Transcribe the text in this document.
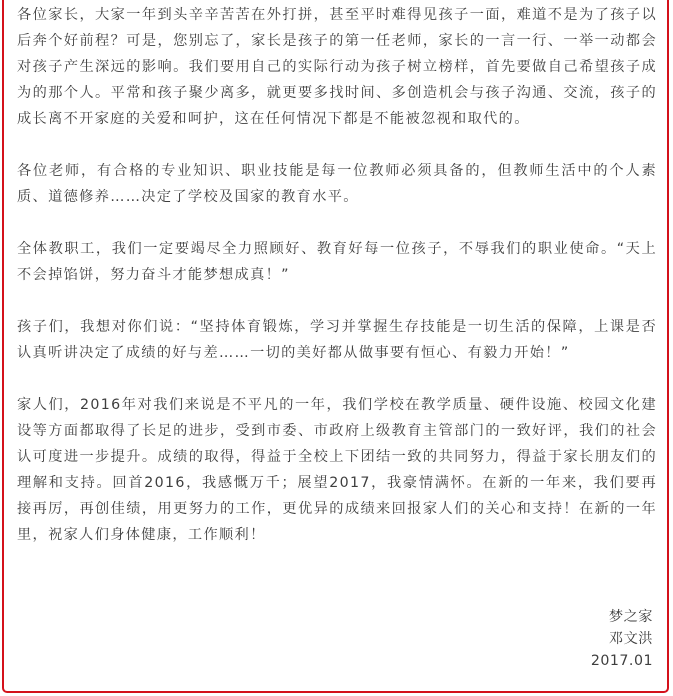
各位家长，大家一年到头辛辛苦苦在外打拼，甚至平时难得见孩子一面，难道不是为了孩子以后奔个好前程？可是，您别忘了，家长是孩子的第一任老师，家长的一言一行、一举一动都会对孩子产生深远的影响。我们要用自己的实际行动为孩子树立榜样，首先要做自己希望孩子成为的那个人。平常和孩子聚少离多，就更要多找时间、多创造机会与孩子沟通、交流，孩子的成长离不开家庭的关爱和呵护，这在任何情况下都是不能被忽视和取代的。

各位老师，有合格的专业知识、职业技能是每一位教师必须具备的，但教师生活中的个人素质、道德修养……决定了学校及国家的教育水平。

全体教职工，我们一定要竭尽全力照顾好、教育好每一位孩子，不辱我们的职业使命。“天上不会掉馅饼，努力奋斗才能梦想成真！”

孩子们，我想对你们说：“坚持体育锻炼，学习并掌握生存技能是一切生活的保障，上课是否认真听讲决定了成绩的好与差……一切的美好都从做事要有恒心、有毅力开始！”

家人们，2016年对我们来说是不平凡的一年，我们学校在教学质量、硬件设施、校园文化建设等方面都取得了长足的进步，受到市委、市政府上级教育主管部门的一致好评，我们的社会认可度进一步提升。成绩的取得，得益于全校上下团结一致的共同努力，得益于家长朋友们的理解和支持。回首2016，我感慨万千；展望2017，我豪情满怀。在新的一年来，我们要再接再厉，再创佳绩，用更努力的工作，更优异的成绩来回报家人们的关心和支持！在新的一年里，祝家人们身体健康，工作顺利！

梦之家
邓文洪
2017.01
